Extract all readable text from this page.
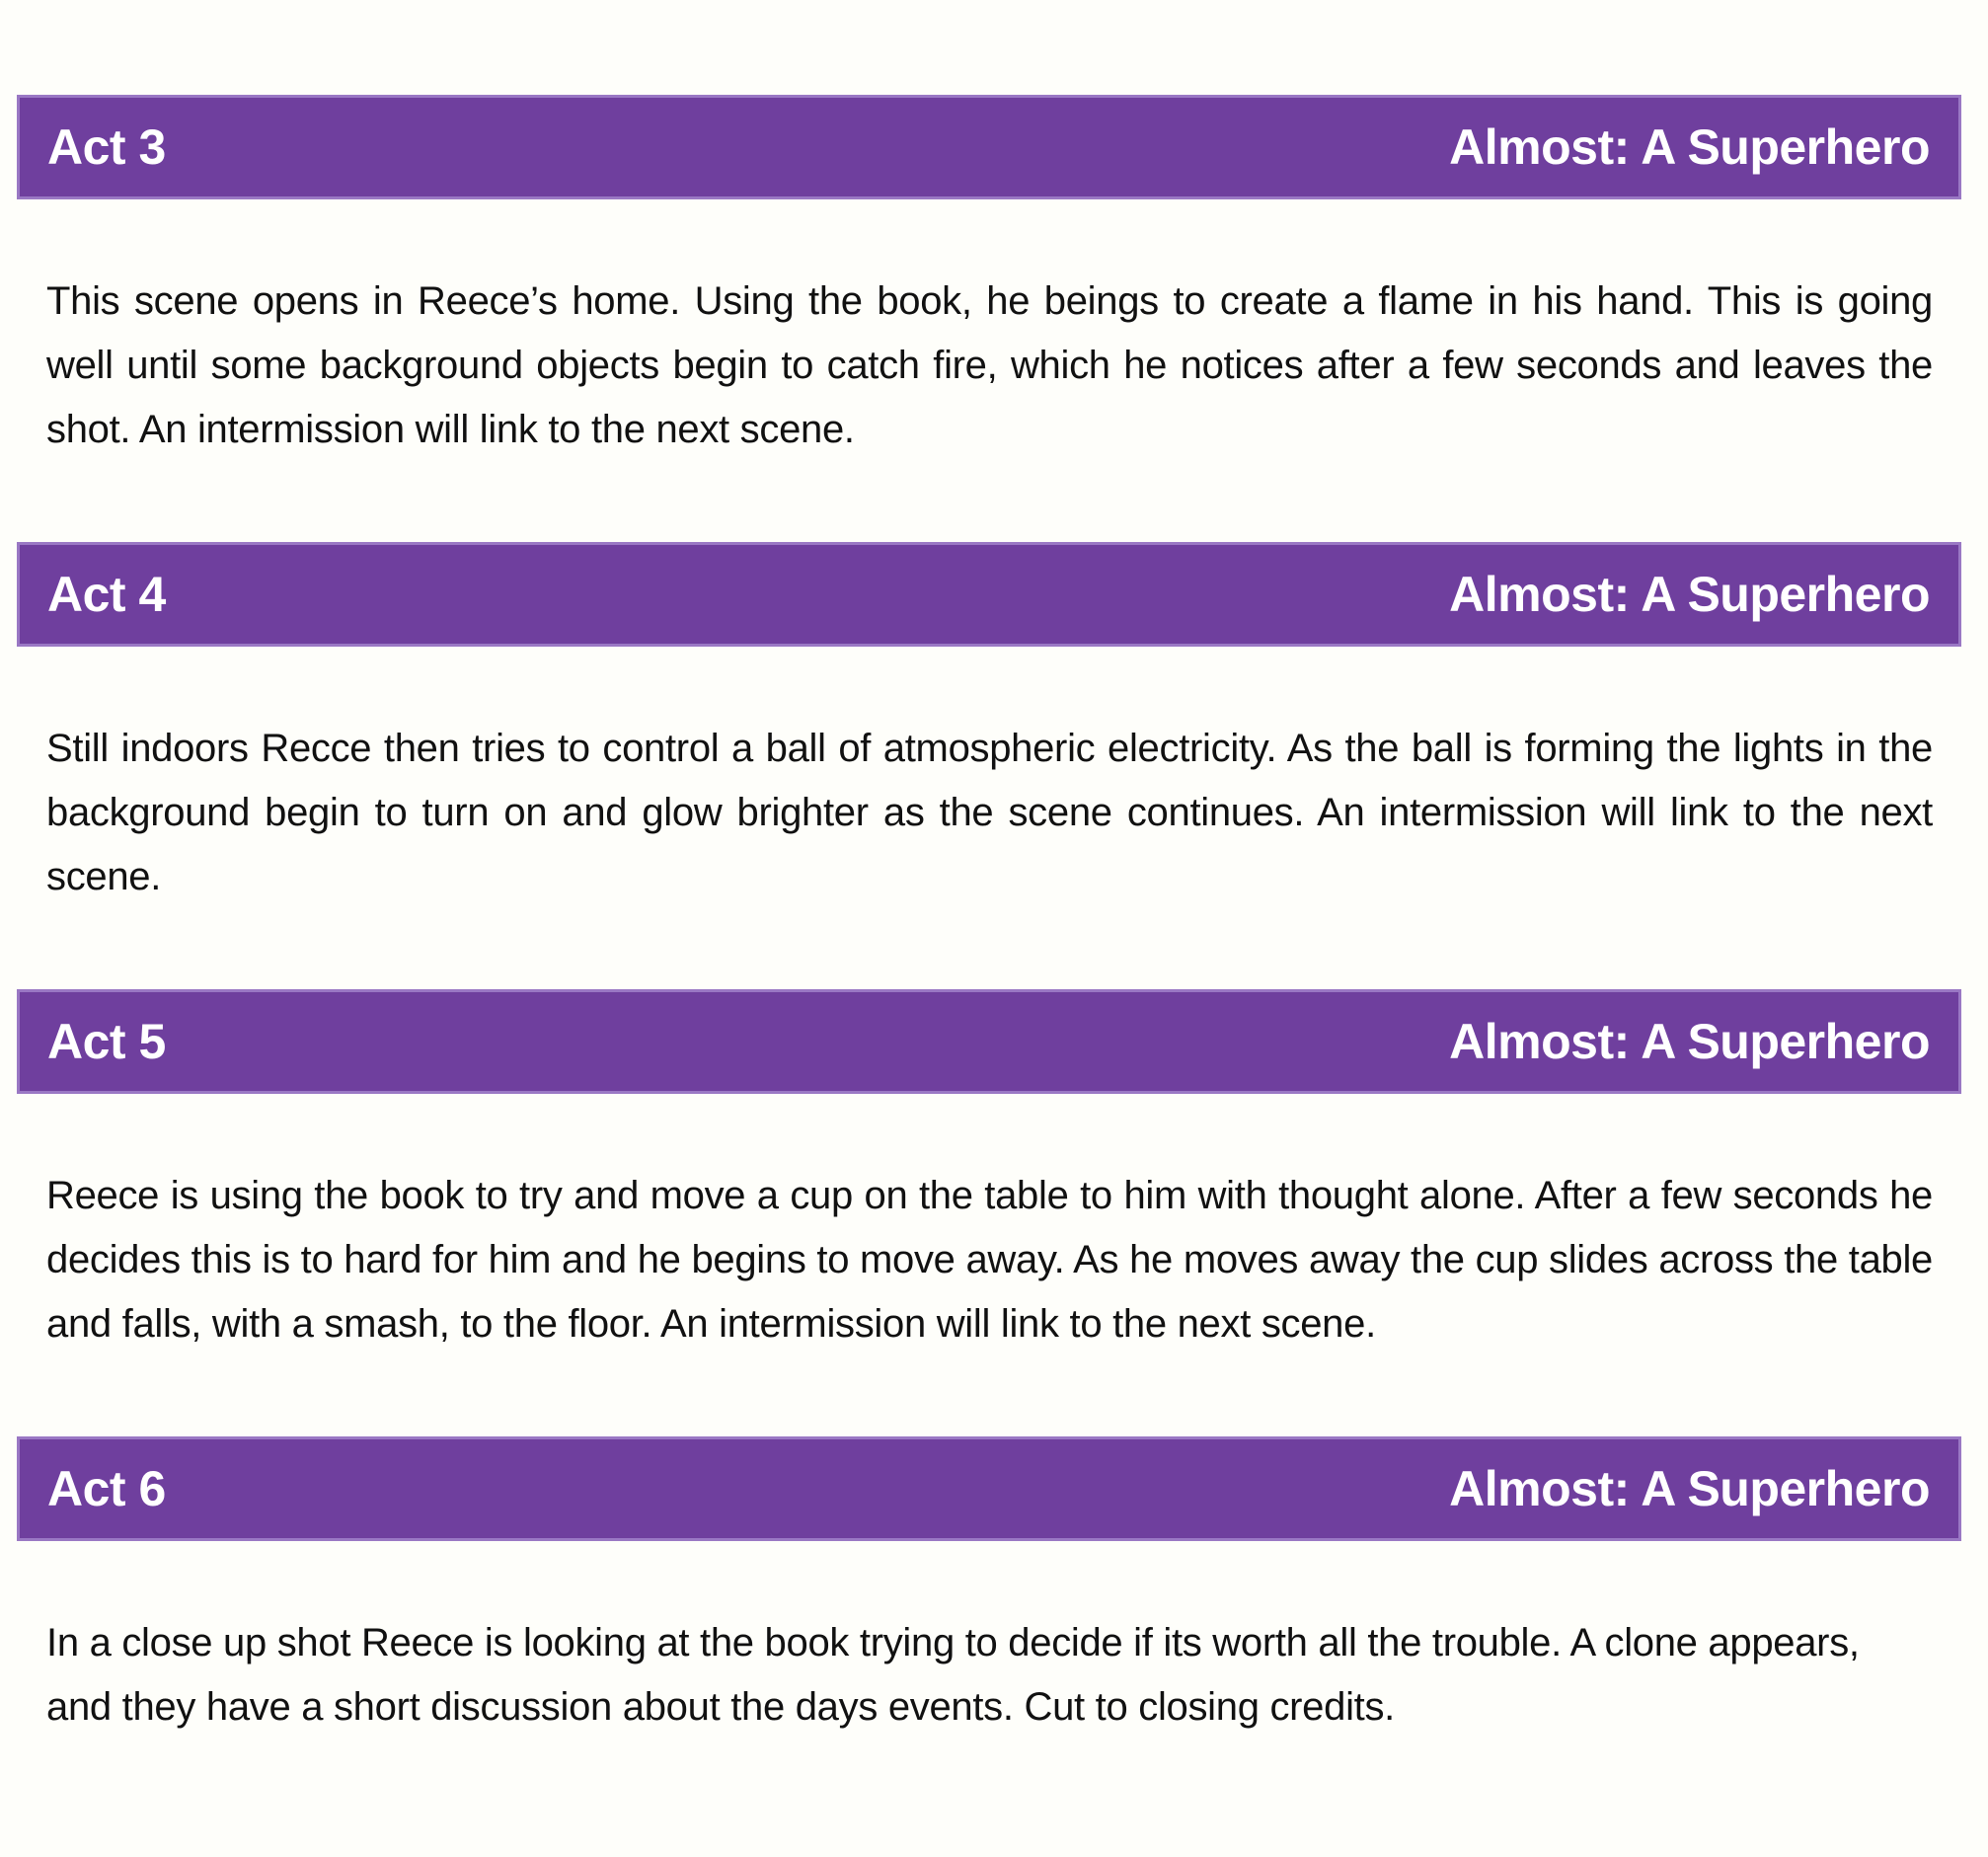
Act 3	Almost: A Superhero

This scene opens in Reece’s home. Using the book, he beings to create a flame in his hand. This is going well until some background objects begin to catch fire, which he notices after a few seconds and leaves the shot. An intermission will link to the next scene.

Act 4	Almost: A Superhero

Still indoors Recce then tries to control a ball of atmospheric electricity. As the ball is forming the lights in the background begin to turn on and glow brighter as the scene continues. An intermission will link to the next scene.

Act 5	Almost: A Superhero

Reece is using the book to try and move a cup on the table to him with thought alone. After a few seconds he decides this is to hard for him and he begins to move away. As he moves away the cup slides across the table and falls, with a smash, to the floor. An intermission will link to the next scene.

Act 6	Almost: A Superhero

In a close up shot Reece is looking at the book trying to decide if its worth all the trouble. A clone appears, and they have a short discussion about the days events. Cut to closing credits.
